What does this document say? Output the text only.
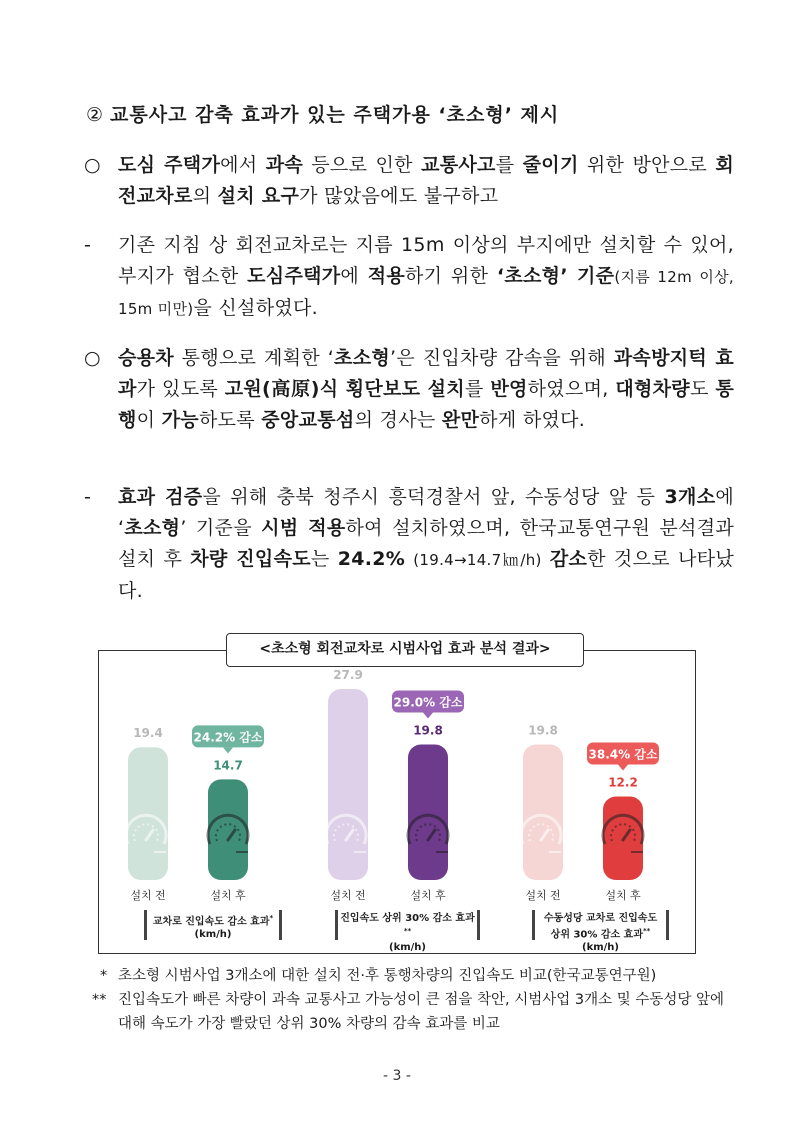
② 교통사고 감축 효과가 있는 주택가용 ‘초소형’ 제시
○ 도심 주택가에서 과속 등으로 인한 교통사고를 줄이기 위한 방안으로 회전교차로의 설치 요구가 많았음에도 불구하고
-	기존 지침 상 회전교차로는 지름 15m 이상의 부지에만 설치할 수 있어, 부지가 협소한 도심주택가에 적용하기 위한 ‘초소형’ 기준(지름 12m 이상, 15m 미만)을 신설하였다.
○ 승용차 통행으로 계획한 ‘초소형’은 진입차량 감속을 위해 과속방지턱 효과가 있도록 고원(高原)식 횡단보도 설치를 반영하였으며, 대형차량도 통행이 가능하도록 중앙교통섬의 경사는 완만하게 하였다.
-	효과 검증을 위해 충북 청주시 흥덕경찰서 앞, 수동성당 앞 등 3개소에 ‘초소형’ 기준을 시범 적용하여 설치하였으며, 한국교통연구원 분석결과 설치 후 차량 진입속도는 24.2% (19.4→14.7㎞/h) 감소한 것으로 나타났다.
19.4
설치 전
14.7
설치 후
24.2% 감소
27.9
설치 전
19.8
설치 후
29.0% 감소
19.8
설치 전
12.2
설치 후
38.4% 감소
<초소형 회전교차로 시범사업 효과 분석 결과>
교차로 진입속도 감소 효과*
(km/h)
진입속도 상위 30% 감소 효과**
(km/h)
수동성당 교차로 진입속도
상위 30% 감소 효과**(km/h)
* 초소형 시범사업 3개소에 대한 설치 전·후 통행차량의 진입속도 비교(한국교통연구원)
** 진입속도가 빠른 차량이 과속 교통사고 가능성이 큰 점을 착안, 시범사업 3개소 및 수동성당 앞에 대해 속도가 가장 빨랐던 상위 30% 차량의 감속 효과를 비교
- 3 -
